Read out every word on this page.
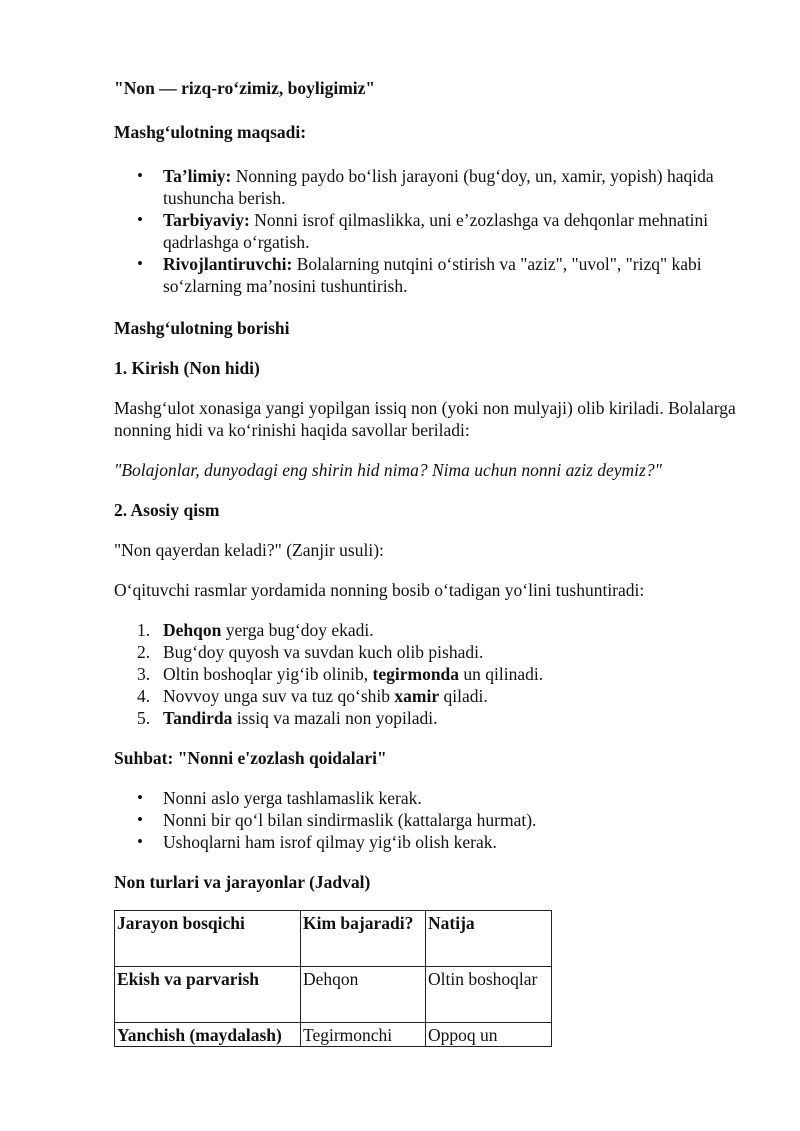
"Non — rizq-ro‘zimiz, boyligimiz"

Mashg‘ulotning maqsadi:

• Ta’limiy: Nonning paydo bo‘lish jarayoni (bug‘doy, un, xamir, yopish) haqida tushuncha berish.
• Tarbiyaviy: Nonni isrof qilmaslikka, uni e’zozlashga va dehqonlar mehnatini qadrlashga o‘rgatish.
• Rivojlantiruvchi: Bolalarning nutqini o‘stirish va "aziz", "uvol", "rizq" kabi so‘zlarning ma’nosini tushuntirish.

Mashg‘ulotning borishi

1. Kirish (Non hidi)

Mashg‘ulot xonasiga yangi yopilgan issiq non (yoki non mulyaji) olib kiriladi. Bolalarga nonning hidi va ko‘rinishi haqida savollar beriladi:

"Bolajonlar, dunyodagi eng shirin hid nima? Nima uchun nonni aziz deymiz?"

2. Asosiy qism

"Non qayerdan keladi?" (Zanjir usuli):

O‘qituvchi rasmlar yordamida nonning bosib o‘tadigan yo‘lini tushuntiradi:

1. Dehqon yerga bug‘doy ekadi.
2. Bug‘doy quyosh va suvdan kuch olib pishadi.
3. Oltin boshoqlar yig‘ib olinib, tegirmonda un qilinadi.
4. Novvoy unga suv va tuz qo‘shib xamir qiladi.
5. Tandirda issiq va mazali non yopiladi.

Suhbat: "Nonni e'zozlash qoidalari"

• Nonni aslo yerga tashlamaslik kerak.
• Nonni bir qo‘l bilan sindirmaslik (kattalarga hurmat).
• Ushoqlarni ham isrof qilmay yig‘ib olish kerak.

Non turlari va jarayonlar (Jadval)

Jarayon bosqichi	Kim bajaradi?	Natija
Ekish va parvarish	Dehqon	Oltin boshoqlar
Yanchish (maydalash)	Tegirmonchi	Oppoq un
